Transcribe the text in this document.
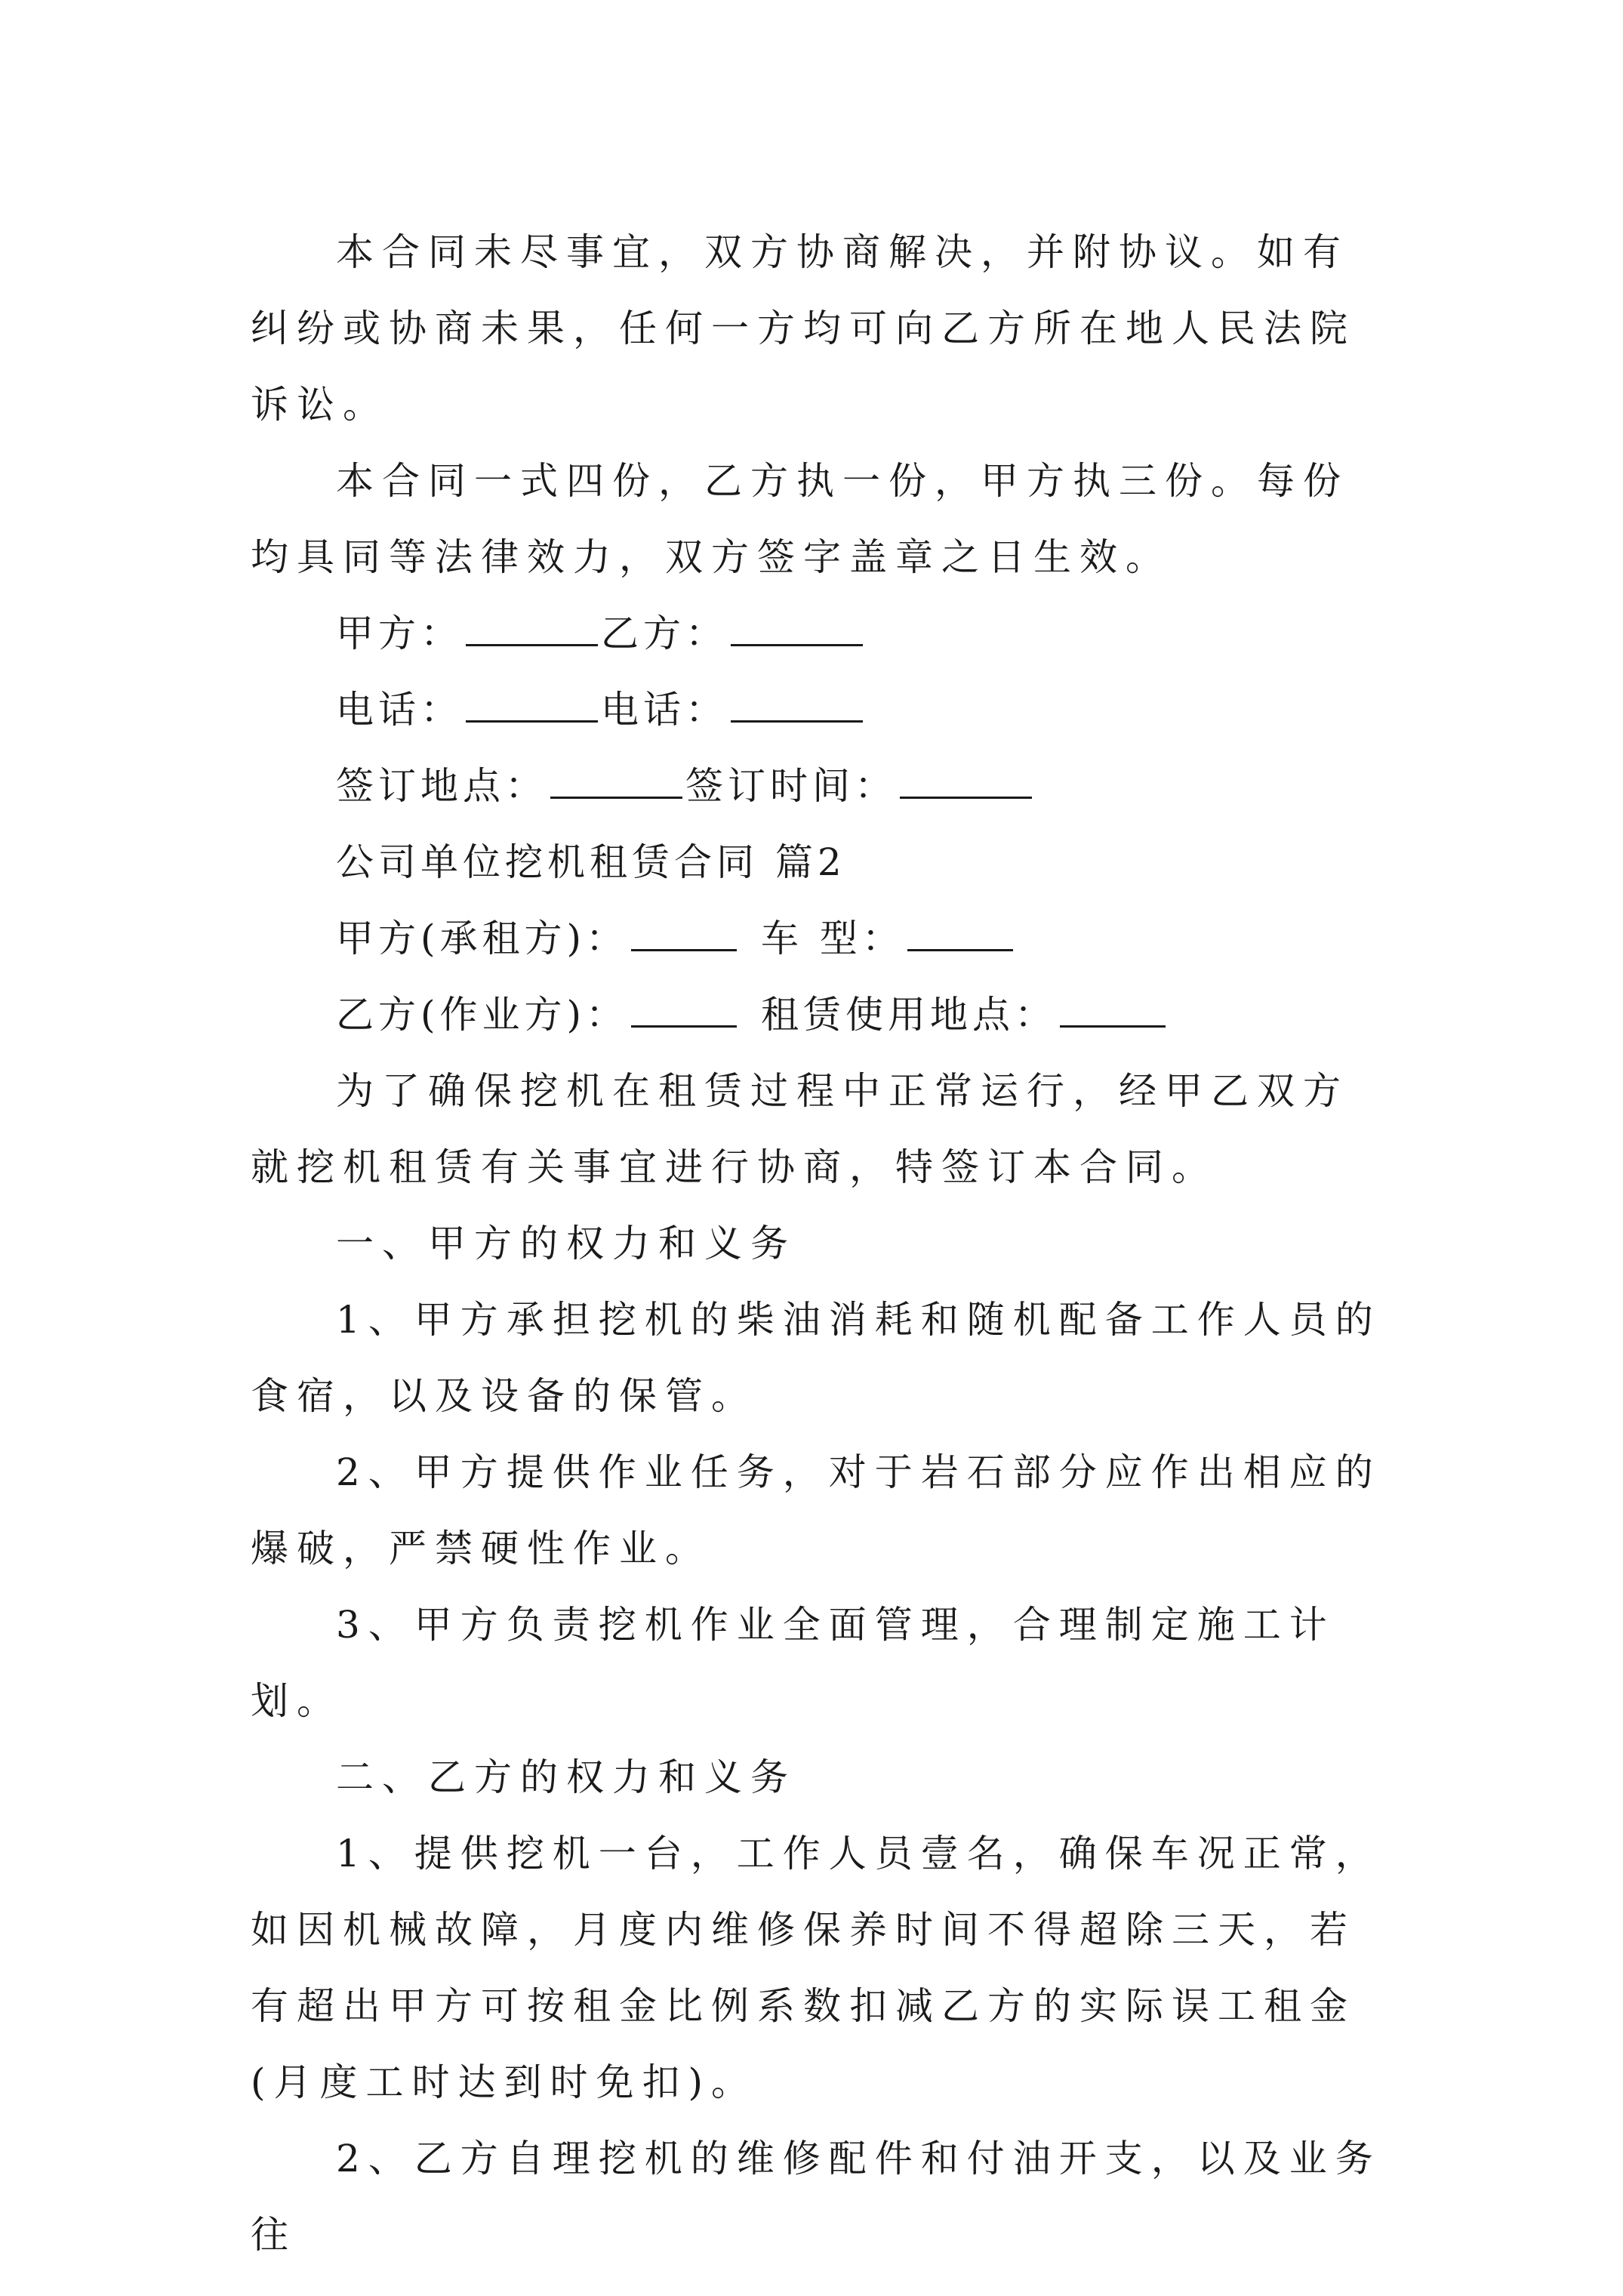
本合同未尽事宜，双方协商解决，并附协议。如有纠纷或协商未果，任何一方均可向乙方所在地人民法院诉讼。

本合同一式四份，乙方执一份，甲方执三份。每份均具同等法律效力，双方签字盖章之日生效。

甲方：	乙方：

电话：	电话：

签订地点：	签订时间：

公司单位挖机租赁合同 篇2

甲方(承租方)：	车 型：

乙方(作业方)：	租赁使用地点：

为了确保挖机在租赁过程中正常运行，经甲乙双方就挖机租赁有关事宜进行协商，特签订本合同。

一、甲方的权力和义务

1、甲方承担挖机的柴油消耗和随机配备工作人员的食宿，以及设备的保管。

2、甲方提供作业任务，对于岩石部分应作出相应的爆破，严禁硬性作业。

3、甲方负责挖机作业全面管理，合理制定施工计划。

二、乙方的权力和义务

1、提供挖机一台，工作人员壹名，确保车况正常，如因机械故障，月度内维修保养时间不得超除三天，若有超出甲方可按租金比例系数扣减乙方的实际误工租金(月度工时达到时免扣)。

2、乙方自理挖机的维修配件和付油开支，以及业务往
